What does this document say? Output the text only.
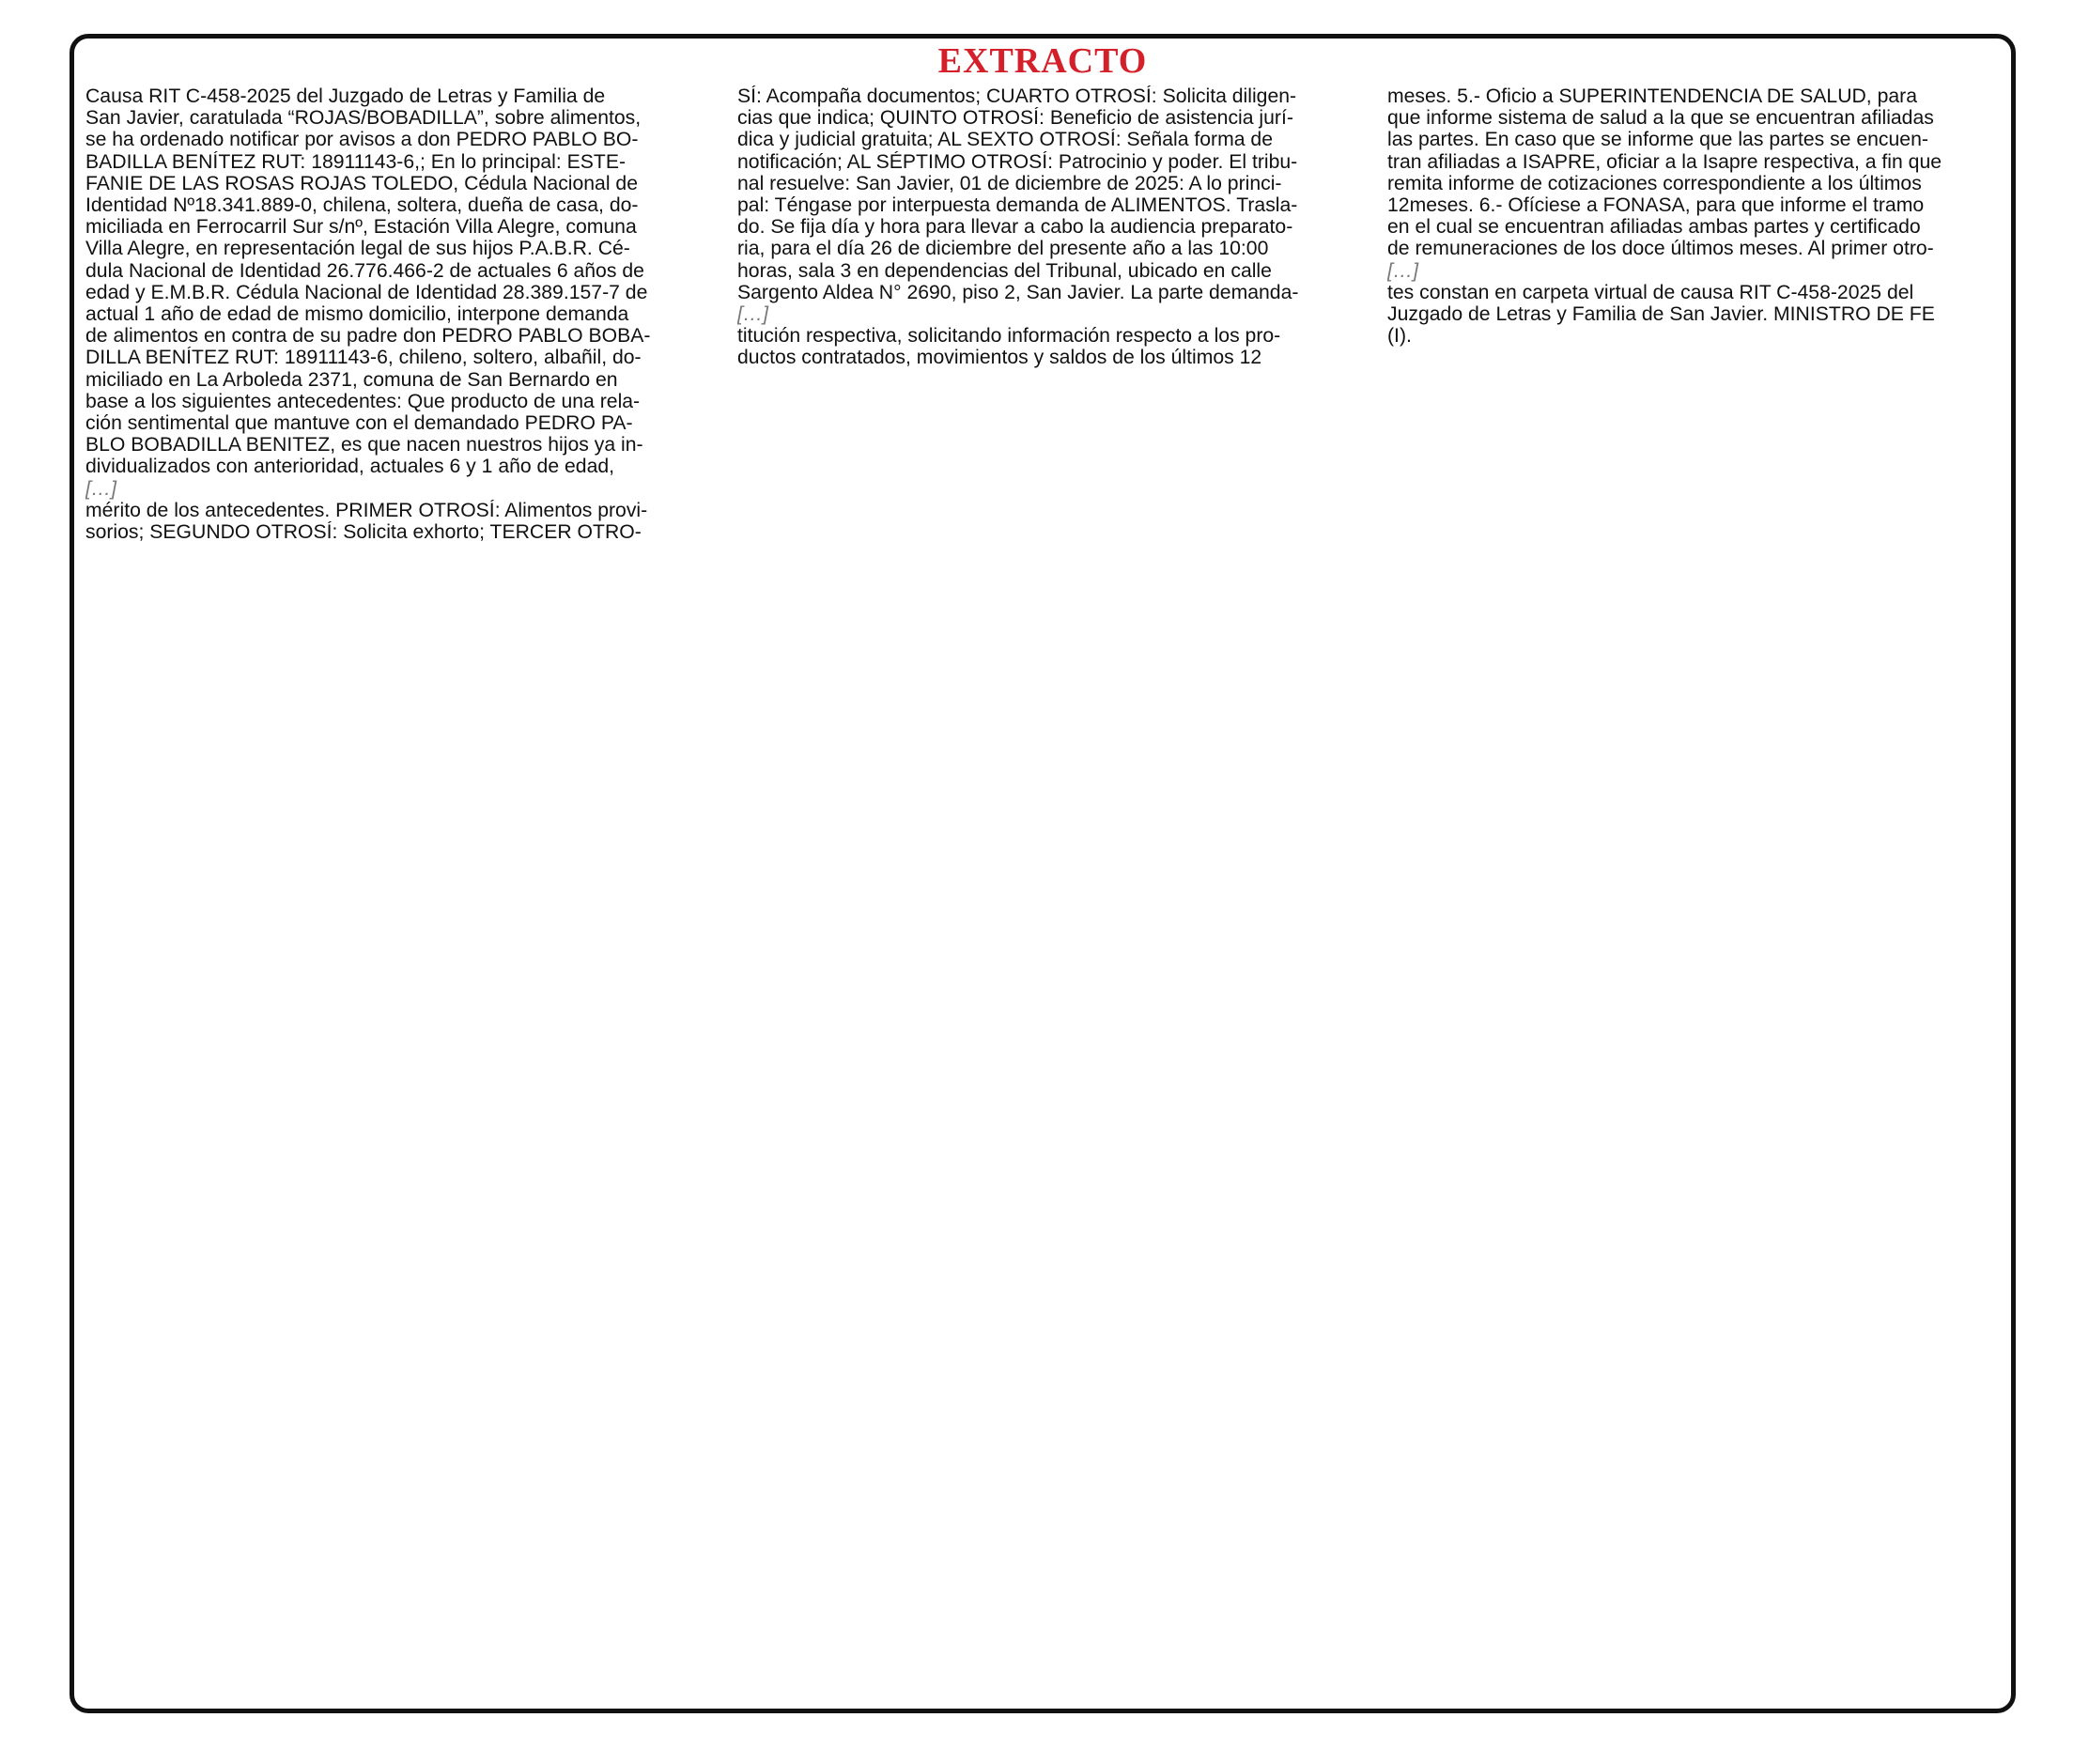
EXTRACTO
Causa RIT C-458-2025 del Juzgado de Letras y Familia de
San Javier, caratulada “ROJAS/BOBADILLA”, sobre alimentos,
se ha ordenado notificar por avisos a don PEDRO PABLO BO-
BADILLA BENÍTEZ RUT: 18911143-6,; En lo principal: ESTE-
FANIE DE LAS ROSAS ROJAS TOLEDO, Cédula Nacional de
Identidad Nº18.341.889-0, chilena, soltera, dueña de casa, do-
miciliada en Ferrocarril Sur s/nº, Estación Villa Alegre, comuna
Villa Alegre, en representación legal de sus hijos P.A.B.R. Cé-
dula Nacional de Identidad 26.776.466-2 de actuales 6 años de
edad y E.M.B.R. Cédula Nacional de Identidad 28.389.157-7 de
actual 1 año de edad de mismo domicilio, interpone demanda
de alimentos en contra de su padre don PEDRO PABLO BOBA-
DILLA BENÍTEZ RUT: 18911143-6, chileno, soltero, albañil, do-
miciliado en La Arboleda 2371, comuna de San Bernardo en
base a los siguientes antecedentes: Que producto de una rela-
ción sentimental que mantuve con el demandado PEDRO PA-
BLO BOBADILLA BENITEZ, es que nacen nuestros hijos ya in-
dividualizados con anterioridad, actuales 6 y 1 año de edad,
[…]
mérito de los antecedentes. PRIMER OTROSÍ: Alimentos provi-
sorios; SEGUNDO OTROSÍ: Solicita exhorto; TERCER OTRO-
SÍ: Acompaña documentos; CUARTO OTROSÍ: Solicita diligen-
cias que indica; QUINTO OTROSÍ: Beneficio de asistencia jurí-
dica y judicial gratuita; AL SEXTO OTROSÍ: Señala forma de
notificación; AL SÉPTIMO OTROSÍ: Patrocinio y poder. El tribu-
nal resuelve: San Javier, 01 de diciembre de 2025: A lo princi-
pal: Téngase por interpuesta demanda de ALIMENTOS. Trasla-
do. Se fija día y hora para llevar a cabo la audiencia preparato-
ria, para el día 26 de diciembre del presente año a las 10:00
horas, sala 3 en dependencias del Tribunal, ubicado en calle
Sargento Aldea N° 2690, piso 2, San Javier. La parte demanda-
[…]
titución respectiva, solicitando información respecto a los pro-
ductos contratados, movimientos y saldos de los últimos 12
meses. 5.- Oficio a SUPERINTENDENCIA DE SALUD, para
que informe sistema de salud a la que se encuentran afiliadas
las partes. En caso que se informe que las partes se encuen-
tran afiliadas a ISAPRE, oficiar a la Isapre respectiva, a fin que
remita informe de cotizaciones correspondiente a los últimos
12meses. 6.- Ofíciese a FONASA, para que informe el tramo
en el cual se encuentran afiliadas ambas partes y certificado
de remuneraciones de los doce últimos meses. Al primer otro-
[…]
tes constan en carpeta virtual de causa RIT C-458-2025 del
Juzgado de Letras y Familia de San Javier. MINISTRO DE FE
(I).
